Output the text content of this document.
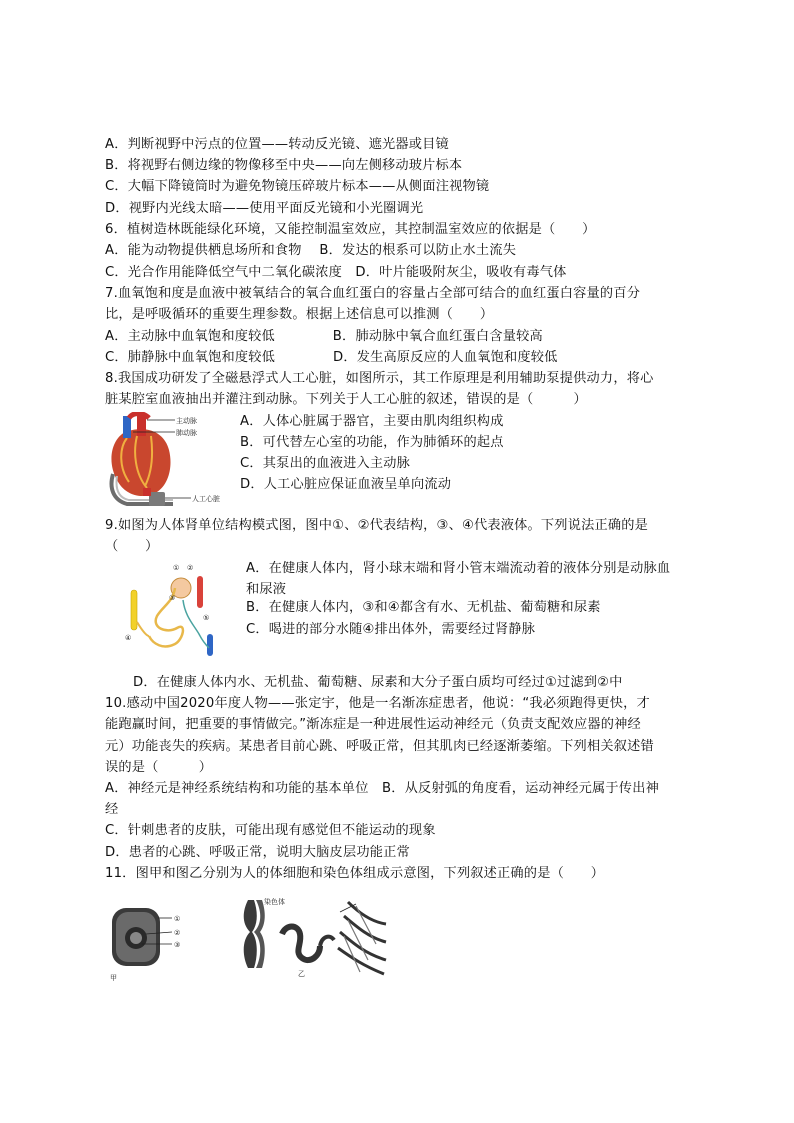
A．判断视野中污点的位置——转动反光镜、遮光器或目镜
B．将视野右侧边缘的物像移至中央——向左侧移动玻片标本
C．大幅下降镜筒时为避免物镜压碎玻片标本——从侧面注视物镜
D．视野内光线太暗——使用平面反光镜和小光圈调光
6．植树造林既能绿化环境，又能控制温室效应，其控制温室效应的依据是（　　）
A．能为动物提供栖息场所和食物　 B．发达的根系可以防止水土流失
C．光合作用能降低空气中二氧化碳浓度　D．叶片能吸附灰尘，吸收有毒气体
7.血氧饱和度是血液中被氧结合的氧合血红蛋白的容量占全部可结合的血红蛋白容量的百分
比，是呼吸循环的重要生理参数。根据上述信息可以推测（　　）
A．主动脉中血氧饱和度较低　　　　 B．肺动脉中氧合血红蛋白含量较高
C．肺静脉中血氧饱和度较低　　　　 D．发生高原反应的人血氧饱和度较低
8.我国成功研发了全磁悬浮式人工心脏，如图所示，其工作原理是利用辅助泵提供动力，将心
脏某腔室血液抽出并灌注到动脉。下列关于人工心脏的叙述，错误的是（　　　）
主动脉
肺动脉
人工心脏
A．人体心脏属于器官，主要由肌肉组织构成
B．可代替左心室的功能，作为肺循环的起点
C．其泵出的血液进入主动脉
D．人工心脏应保证血液呈单向流动
9.如图为人体肾单位结构模式图，图中①、②代表结构，③、④代表液体。下列说法正确的是
（　　）
① ②
③
④
⑤
A．在健康人体内，肾小球末端和肾小管末端流动着的液体分别是动脉血
和尿液
B．在健康人体内，③和④都含有水、无机盐、葡萄糖和尿素
C．喝进的部分水随④排出体外，需要经过肾静脉
D．在健康人体内水、无机盐、葡萄糖、尿素和大分子蛋白质均可经过①过滤到②中
10.感动中国2020年度人物——张定宇，他是一名渐冻症患者，他说：“我必须跑得更快，才
能跑赢时间，把重要的事情做完。”渐冻症是一种进展性运动神经元（负责支配效应器的神经
元）功能丧失的疾病。某患者目前心跳、呼吸正常，但其肌肉已经逐渐萎缩。下列相关叙述错
误的是（　　　）
A．神经元是神经系统结构和功能的基本单位　B．从反射弧的角度看，运动神经元属于传出神
经
C．针刺患者的皮肤，可能出现有感觉但不能运动的现象
D．患者的心跳、呼吸正常，说明大脑皮层功能正常
11．图甲和图乙分别为人的体细胞和染色体组成示意图，下列叙述正确的是（　　）
①
②
③
甲
染色体
乙
